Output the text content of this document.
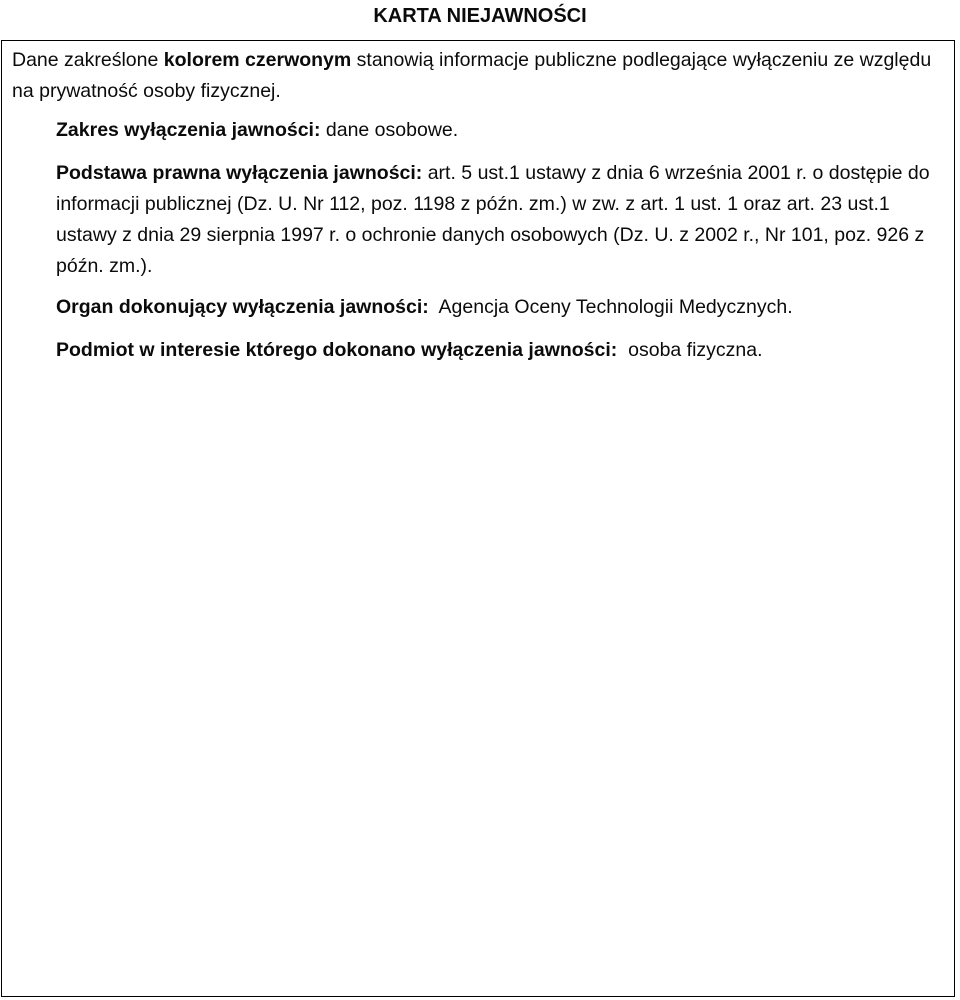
KARTA NIEJAWNOŚCI
Dane zakreślone kolorem czerwonym stanowią informacje publiczne podlegające wyłączeniu ze względu na prywatność osoby fizycznej.
Zakres wyłączenia jawności: dane osobowe.
Podstawa prawna wyłączenia jawności: art. 5 ust.1 ustawy z dnia 6 września 2001 r. o dostępie do informacji publicznej (Dz. U. Nr 112, poz. 1198 z późn. zm.) w zw. z art. 1 ust. 1 oraz art. 23 ust.1 ustawy z dnia 29 sierpnia 1997 r. o ochronie danych osobowych (Dz. U. z 2002 r., Nr 101, poz. 926 z późn. zm.).
Organ dokonujący wyłączenia jawności:  Agencja Oceny Technologii Medycznych.
Podmiot w interesie którego dokonano wyłączenia jawności:  osoba fizyczna.
